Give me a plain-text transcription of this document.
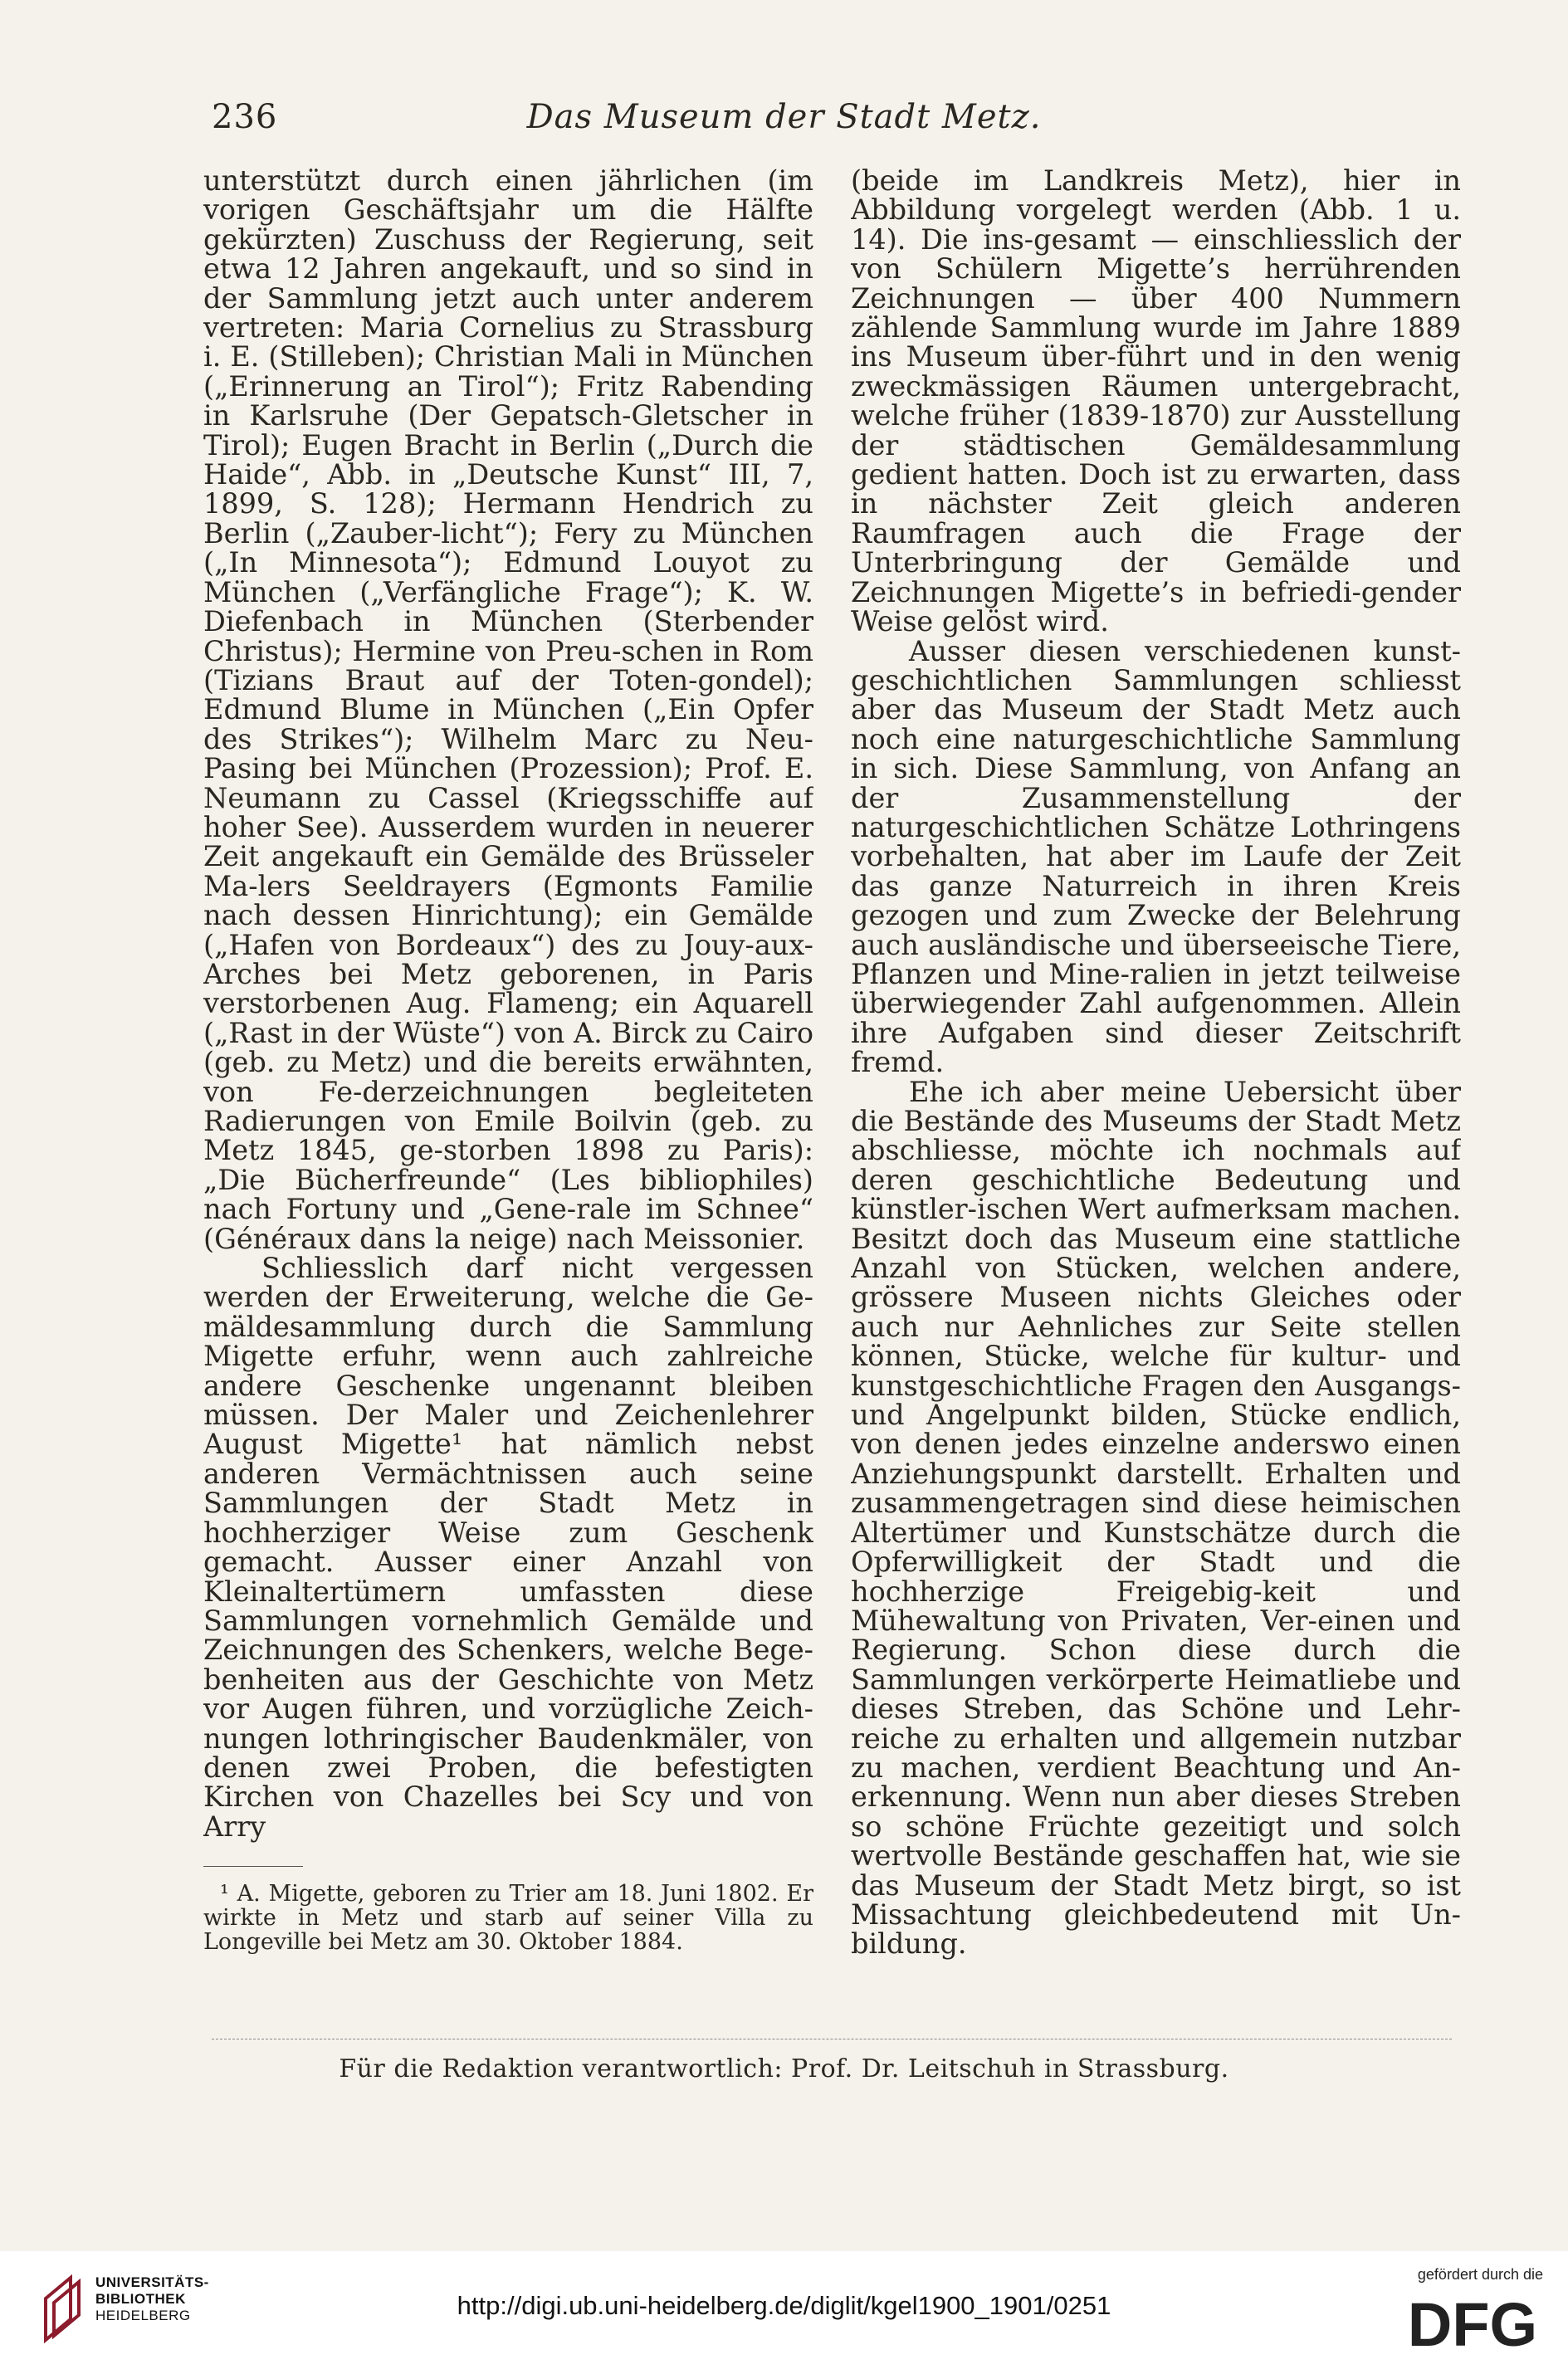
236	Das Museum der Stadt Metz.

unterstützt durch einen jährlichen (im vorigen Geschäftsjahr um die Hälfte gekürzten) Zuschuss der Regierung, seit etwa 12 Jahren angekauft, und so sind in der Sammlung jetzt auch unter anderem vertreten: Maria Cornelius zu Strassburg i. E. (Stilleben); Christian Mali in München („Erinnerung an Tirol“); Fritz Rabending in Karlsruhe (Der Gepatsch-Gletscher in Tirol); Eugen Bracht in Berlin („Durch die Haide“, Abb. in „Deutsche Kunst“ III, 7, 1899, S. 128); Hermann Hendrich zu Berlin („Zauber-licht“); Fery zu München („In Minnesota“); Edmund Louyot zu München („Verfängliche Frage“); K. W. Diefenbach in München (Sterbender Christus); Hermine von Preu-schen in Rom (Tizians Braut auf der Toten-gondel); Edmund Blume in München („Ein Opfer des Strikes“); Wilhelm Marc zu Neu-Pasing bei München (Prozession); Prof. E. Neumann zu Cassel (Kriegsschiffe auf hoher See). Ausserdem wurden in neuerer Zeit angekauft ein Gemälde des Brüsseler Ma-lers Seeldrayers (Egmonts Familie nach dessen Hinrichtung); ein Gemälde („Hafen von Bordeaux“) des zu Jouy-aux-Arches bei Metz geborenen, in Paris verstorbenen Aug. Flameng; ein Aquarell („Rast in der Wüste“) von A. Birck zu Cairo (geb. zu Metz) und die bereits erwähnten, von Fe-derzeichnungen begleiteten Radierungen von Emile Boilvin (geb. zu Metz 1845, ge-storben 1898 zu Paris): „Die Bücherfreunde“ (Les bibliophiles) nach Fortuny und „Gene-rale im Schnee“ (Généraux dans la neige) nach Meissonier.

Schliesslich darf nicht vergessen werden der Erweiterung, welche die Ge-mäldesammlung durch die Sammlung Migette erfuhr, wenn auch zahlreiche andere Geschenke ungenannt bleiben müssen. Der Maler und Zeichenlehrer August Migette¹ hat nämlich nebst anderen Vermächtnissen auch seine Sammlungen der Stadt Metz in hochherziger Weise zum Geschenk gemacht. Ausser einer Anzahl von Kleinaltertümern umfassten diese Sammlungen vornehmlich Gemälde und Zeichnungen des Schenkers, welche Bege-benheiten aus der Geschichte von Metz vor Augen führen, und vorzügliche Zeich-nungen lothringischer Baudenkmäler, von denen zwei Proben, die befestigten Kirchen von Chazelles bei Scy und von Arry

¹ A. Migette, geboren zu Trier am 18. Juni 1802. Er wirkte in Metz und starb auf seiner Villa zu Longeville bei Metz am 30. Oktober 1884.

(beide im Landkreis Metz), hier in Abbildung vorgelegt werden (Abb. 1 u. 14). Die ins-gesamt — einschliesslich der von Schülern Migette’s herrührenden Zeichnungen — über 400 Nummern zählende Sammlung wurde im Jahre 1889 ins Museum über-führt und in den wenig zweckmässigen Räumen untergebracht, welche früher (1839-1870) zur Ausstellung der städtischen Gemäldesammlung gedient hatten. Doch ist zu erwarten, dass in nächster Zeit gleich anderen Raumfragen auch die Frage der Unterbringung der Gemälde und Zeichnungen Migette’s in befriedi-gender Weise gelöst wird.

Ausser diesen verschiedenen kunst-geschichtlichen Sammlungen schliesst aber das Museum der Stadt Metz auch noch eine naturgeschichtliche Sammlung in sich. Diese Sammlung, von Anfang an der Zusammenstellung der naturgeschichtlichen Schätze Lothringens vorbehalten, hat aber im Laufe der Zeit das ganze Naturreich in ihren Kreis gezogen und zum Zwecke der Belehrung auch ausländische und überseeische Tiere, Pflanzen und Mine-ralien in jetzt teilweise überwiegender Zahl aufgenommen. Allein ihre Aufgaben sind dieser Zeitschrift fremd.

Ehe ich aber meine Uebersicht über die Bestände des Museums der Stadt Metz abschliesse, möchte ich nochmals auf deren geschichtliche Bedeutung und künstler-ischen Wert aufmerksam machen. Besitzt doch das Museum eine stattliche Anzahl von Stücken, welchen andere, grössere Museen nichts Gleiches oder auch nur Aehnliches zur Seite stellen können, Stücke, welche für kultur- und kunstgeschichtliche Fragen den Ausgangs- und Angelpunkt bilden, Stücke endlich, von denen jedes einzelne anderswo einen Anziehungspunkt darstellt. Erhalten und zusammengetragen sind diese heimischen Altertümer und Kunstschätze durch die Opferwilligkeit der Stadt und die hochherzige Freigebig-keit und Mühewaltung von Privaten, Ver-einen und Regierung. Schon diese durch die Sammlungen verkörperte Heimatliebe und dieses Streben, das Schöne und Lehr-reiche zu erhalten und allgemein nutzbar zu machen, verdient Beachtung und An-erkennung. Wenn nun aber dieses Streben so schöne Früchte gezeitigt und solch wertvolle Bestände geschaffen hat, wie sie das Museum der Stadt Metz birgt, so ist Missachtung gleichbedeutend mit Un-bildung.

Für die Redaktion verantwortlich: Prof. Dr. Leitschuh in Strassburg.
UNIVERSITÄTS-
BIBLIOTHEK
HEIDELBERG	http://digi.ub.uni-heidelberg.de/diglit/kgel1900_1901/0251
gefördert durch die
DFG
